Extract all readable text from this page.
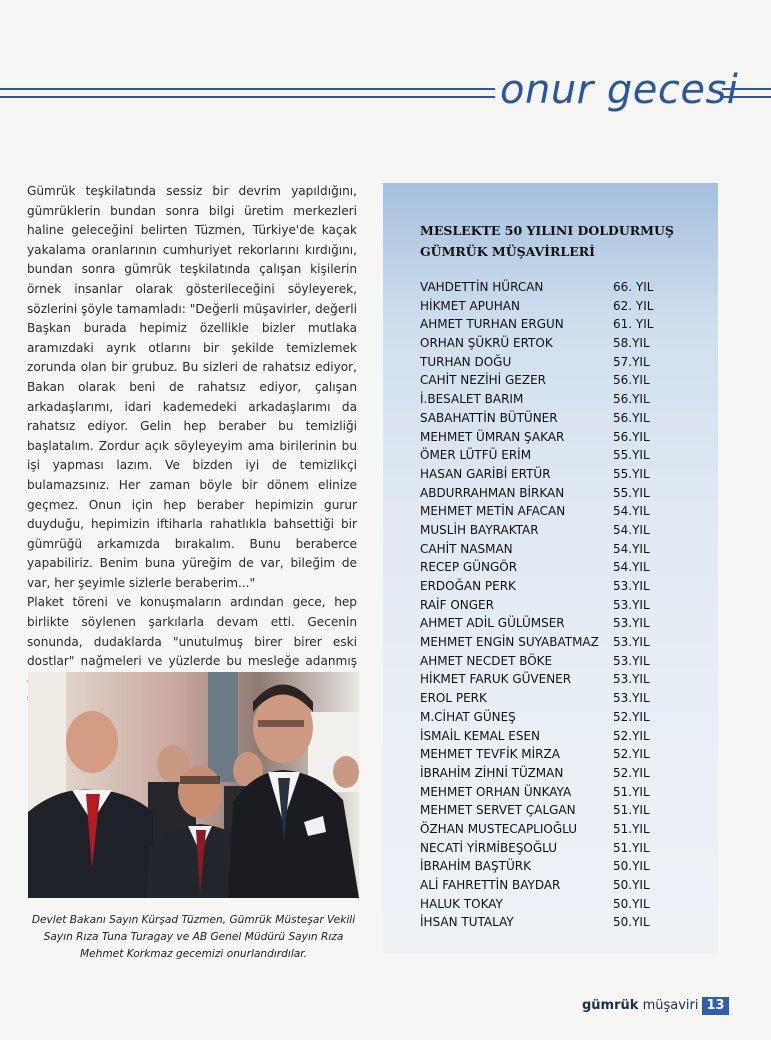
onur gecesi

Gümrük teşkilatında sessiz bir devrim yapıldığını, gümrüklerin bundan sonra bilgi üretim merkezleri haline geleceğini belirten Tüzmen, Türkiye'de kaçak yakalama oranlarının cumhuriyet rekorlarını kırdığını, bundan sonra gümrük teşkilatında çalışan kişilerin örnek insanlar olarak gösterileceğini söyleyerek, sözlerini şöyle tamamladı: "Değerli müşavirler, değerli Başkan burada hepimiz özellikle bizler mutlaka aramızdaki ayrık otlarını bir şekilde temizlemek zorunda olan bir grubuz. Bu sizleri de rahatsız ediyor, Bakan olarak beni de rahatsız ediyor, çalışan arkadaşlarımı, idari kademedeki arkadaşlarımı da rahatsız ediyor. Gelin hep beraber bu temizliği başlatalım. Zordur açık söyleyeyim ama birilerinin bu işi yapması lazım. Ve bizden iyi de temizlikçi bulamazsınız. Her zaman böyle bir dönem elinize geçmez. Onun için hep beraber hepimizin gurur duyduğu, hepimizin iftiharla rahatlıkla bahsettiği bir gümrüğü arkamızda bırakalım. Bunu beraberce yapabiliriz. Benim buna yüreğim de var, bileğim de var, her şeyimle sizlerle beraberim..."

Plaket töreni ve konuşmaların ardından gece, hep birlikte söylenen şarkılarla devam etti. Gecenin sonunda, dudaklarda "unutulmuş birer birer eski dostlar" nağmeleri ve yüzlerde bu mesleğe adanmış

Devlet Bakanı Sayın Kürşad Tüzmen, Gümrük Müsteşar Vekili Sayın Rıza Tuna Turagay ve AB Genel Müdürü Sayın Rıza Mehmet Korkmaz gecemizi onurlandırdılar.
MESLEKTE 50 YILINI DOLDURMUŞ
GÜMRÜK MÜŞAVİRLERİ
VAHDETTİN HÜRCAN	66. YIL
HİKMET APUHAN	62. YIL
AHMET TURHAN ERGUN	61. YIL
ORHAN ŞÜKRÜ ERTOK	58.YIL
TURHAN DOĞU	57.YIL
CAHİT NEZİHİ GEZER	56.YIL
İ.BESALET BARIM	56.YIL
SABAHATTİN BÜTÜNER	56.YIL
MEHMET ÜMRAN ŞAKAR	56.YIL
ÖMER LÜTFÜ ERİM	55.YIL
HASAN GARİBİ ERTÜR	55.YIL
ABDURRAHMAN BİRKAN	55.YIL
MEHMET METİN AFACAN	54.YIL
MUSLİH BAYRAKTAR	54.YIL
CAHİT NASMAN	54.YIL
RECEP GÜNGÖR	54.YIL
ERDOĞAN PERK	53.YIL
RAİF ONGER	53.YIL
AHMET ADİL GÜLÜMSER	53.YIL
MEHMET ENGİN SUYABATMAZ 53.YIL
AHMET NECDET BÖKE	53.YIL
HİKMET FARUK GÜVENER	53.YIL
EROL PERK	53.YIL
M.CİHAT GÜNEŞ	52.YIL
İSMAİL KEMAL ESEN	52.YIL
MEHMET TEVFİK MİRZA	52.YIL
İBRAHİM ZİHNİ TÜZMAN	52.YIL
MEHMET ORHAN ÜNKAYA	51.YIL
MEHMET SERVET ÇALGAN	51.YIL
ÖZHAN MUSTECAPLIOĞLU	51.YIL
NECATİ YİRMİBEŞOĞLU	51.YIL
İBRAHİM BAŞTÜRK	50.YIL
ALİ FAHRETTİN BAYDAR	50.YIL
HALUK TOKAY	50.YIL
İHSAN TUTALAY	50.YIL
gümrük müşaviri 13
